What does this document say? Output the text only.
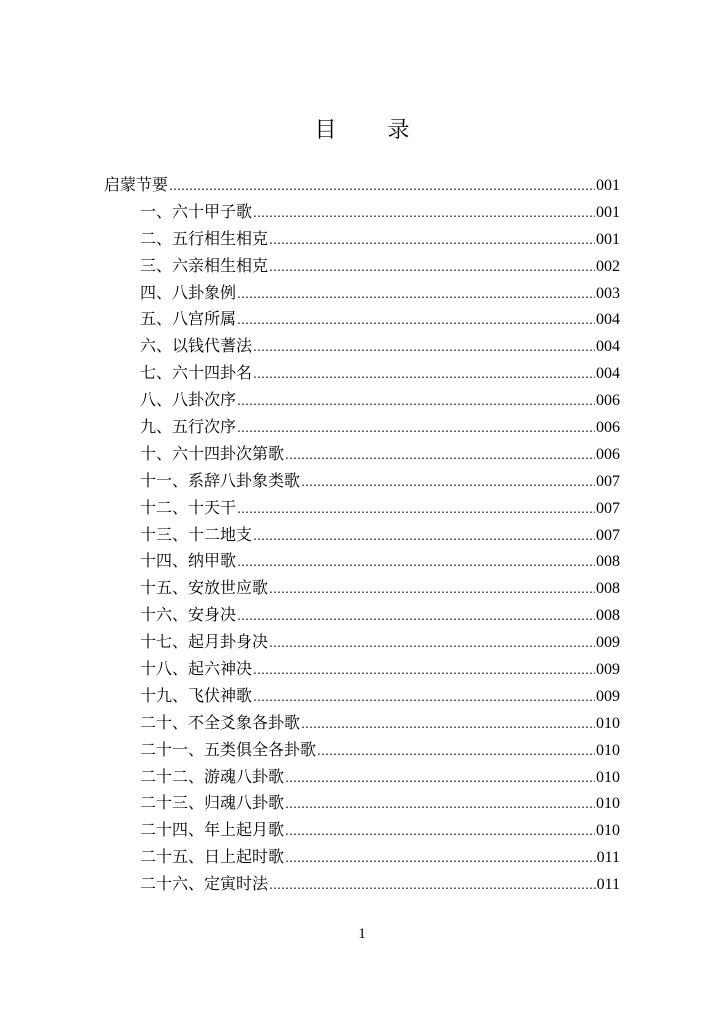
目 录
启蒙节要 ……………………………………………………………………………………………………………………………………………………………………………………………………	001
一、六十甲子歌 ……………………………………………………………………………………………………………………………………………………………………………………………………	001
二、五行相生相克 ……………………………………………………………………………………………………………………………………………………………………………………………………	001
三、六亲相生相克 ……………………………………………………………………………………………………………………………………………………………………………………………………	002
四、八卦象例 ……………………………………………………………………………………………………………………………………………………………………………………………………	003
五、八宫所属 ……………………………………………………………………………………………………………………………………………………………………………………………………	004
六、以钱代蓍法 ……………………………………………………………………………………………………………………………………………………………………………………………………	004
七、六十四卦名 ……………………………………………………………………………………………………………………………………………………………………………………………………	004
八、八卦次序 ……………………………………………………………………………………………………………………………………………………………………………………………………	006
九、五行次序 ……………………………………………………………………………………………………………………………………………………………………………………………………	006
十、六十四卦次第歌 ……………………………………………………………………………………………………………………………………………………………………………………………………	006
十一、系辞八卦象类歌 ……………………………………………………………………………………………………………………………………………………………………………………………………	007
十二、十天干 ……………………………………………………………………………………………………………………………………………………………………………………………………	007
十三、十二地支 ……………………………………………………………………………………………………………………………………………………………………………………………………	007
十四、纳甲歌 ……………………………………………………………………………………………………………………………………………………………………………………………………	008
十五、安放世应歌 ……………………………………………………………………………………………………………………………………………………………………………………………………	008
十六、安身决 ……………………………………………………………………………………………………………………………………………………………………………………………………	008
十七、起月卦身决 ……………………………………………………………………………………………………………………………………………………………………………………………………	009
十八、起六神决 ……………………………………………………………………………………………………………………………………………………………………………………………………	009
十九、飞伏神歌 ……………………………………………………………………………………………………………………………………………………………………………………………………	009
二十、不全爻象各卦歌 ……………………………………………………………………………………………………………………………………………………………………………………………………	010
二十一、五类俱全各卦歌 ……………………………………………………………………………………………………………………………………………………………………………………………………	010
二十二、游魂八卦歌 ……………………………………………………………………………………………………………………………………………………………………………………………………	010
二十三、归魂八卦歌 ……………………………………………………………………………………………………………………………………………………………………………………………………	010
二十四、年上起月歌 ……………………………………………………………………………………………………………………………………………………………………………………………………	010
二十五、日上起时歌 ……………………………………………………………………………………………………………………………………………………………………………………………………	011
二十六、定寅时法 ……………………………………………………………………………………………………………………………………………………………………………………………………	011
1
